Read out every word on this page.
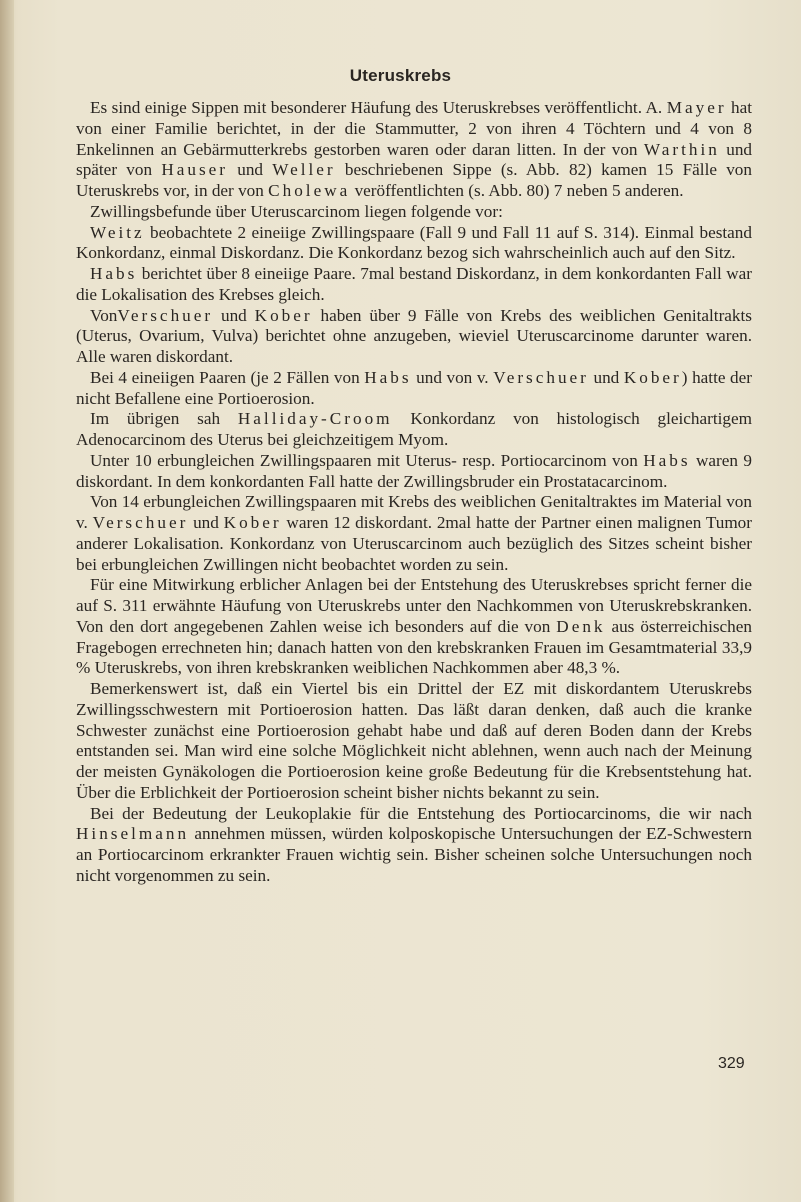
Uteruskrebs

Es sind einige Sippen mit besonderer Häufung des Uteruskrebses veröffentlicht. A. Mayer hat von einer Familie berichtet, in der die Stammutter, 2 von ihren 4 Töchtern und 4 von 8 Enkelinnen an Gebärmutterkrebs gestorben waren oder daran litten. In der von Warthin und später von Hauser und Weller beschriebenen Sippe (s. Abb. 82) kamen 15 Fälle von Uteruskrebs vor, in der von Cholewa veröffentlichten (s. Abb. 80) 7 neben 5 anderen.

Zwillingsbefunde über Uteruscarcinom liegen folgende vor:

Weitz beobachtete 2 eineiige Zwillingspaare (Fall 9 und Fall 11 auf S. 314). Einmal bestand Konkordanz, einmal Diskordanz. Die Konkordanz bezog sich wahrscheinlich auch auf den Sitz.

Habs berichtet über 8 eineiige Paare. 7mal bestand Diskordanz, in dem konkordanten Fall war die Lokalisation des Krebses gleich.

VonVerschuer und Kober haben über 9 Fälle von Krebs des weiblichen Genitaltrakts (Uterus, Ovarium, Vulva) berichtet ohne anzugeben, wieviel Uteruscarcinome darunter waren. Alle waren diskordant.

Bei 4 eineiigen Paaren (je 2 Fällen von Habs und von v. Verschuer und Kober) hatte der nicht Befallene eine Portioerosion.

Im übrigen sah Halliday-Croom Konkordanz von histologisch gleichartigem Adenocarcinom des Uterus bei gleichzeitigem Myom.

Unter 10 erbungleichen Zwillingspaaren mit Uterus- resp. Portiocarcinom von Habs waren 9 diskordant. In dem konkordanten Fall hatte der Zwillingsbruder ein Prostatacarcinom.

Von 14 erbungleichen Zwillingspaaren mit Krebs des weiblichen Genitaltraktes im Material von v. Verschuer und Kober waren 12 diskordant. 2mal hatte der Partner einen malignen Tumor anderer Lokalisation. Konkordanz von Uteruscarcinom auch bezüglich des Sitzes scheint bisher bei erbungleichen Zwillingen nicht beobachtet worden zu sein.

Für eine Mitwirkung erblicher Anlagen bei der Entstehung des Uteruskrebses spricht ferner die auf S. 311 erwähnte Häufung von Uteruskrebs unter den Nachkommen von Uteruskrebskranken. Von den dort angegebenen Zahlen weise ich besonders auf die von Denk aus österreichischen Fragebogen errechneten hin; danach hatten von den krebskranken Frauen im Gesamtmaterial 33,9 % Uteruskrebs, von ihren krebskranken weiblichen Nachkommen aber 48,3 %.

Bemerkenswert ist, daß ein Viertel bis ein Drittel der EZ mit diskordantem Uteruskrebs Zwillingsschwestern mit Portioerosion hatten. Das läßt daran denken, daß auch die kranke Schwester zunächst eine Portioerosion gehabt habe und daß auf deren Boden dann der Krebs entstanden sei. Man wird eine solche Möglichkeit nicht ablehnen, wenn auch nach der Meinung der meisten Gynäkologen die Portioerosion keine große Bedeutung für die Krebsentstehung hat. Über die Erblichkeit der Portioerosion scheint bisher nichts bekannt zu sein.

Bei der Bedeutung der Leukoplakie für die Entstehung des Portiocarcinoms, die wir nach Hinselmann annehmen müssen, würden kolposkopische Untersuchungen der EZ-Schwestern an Portiocarcinom erkrankter Frauen wichtig sein. Bisher scheinen solche Untersuchungen noch nicht vorgenommen zu sein.

329
